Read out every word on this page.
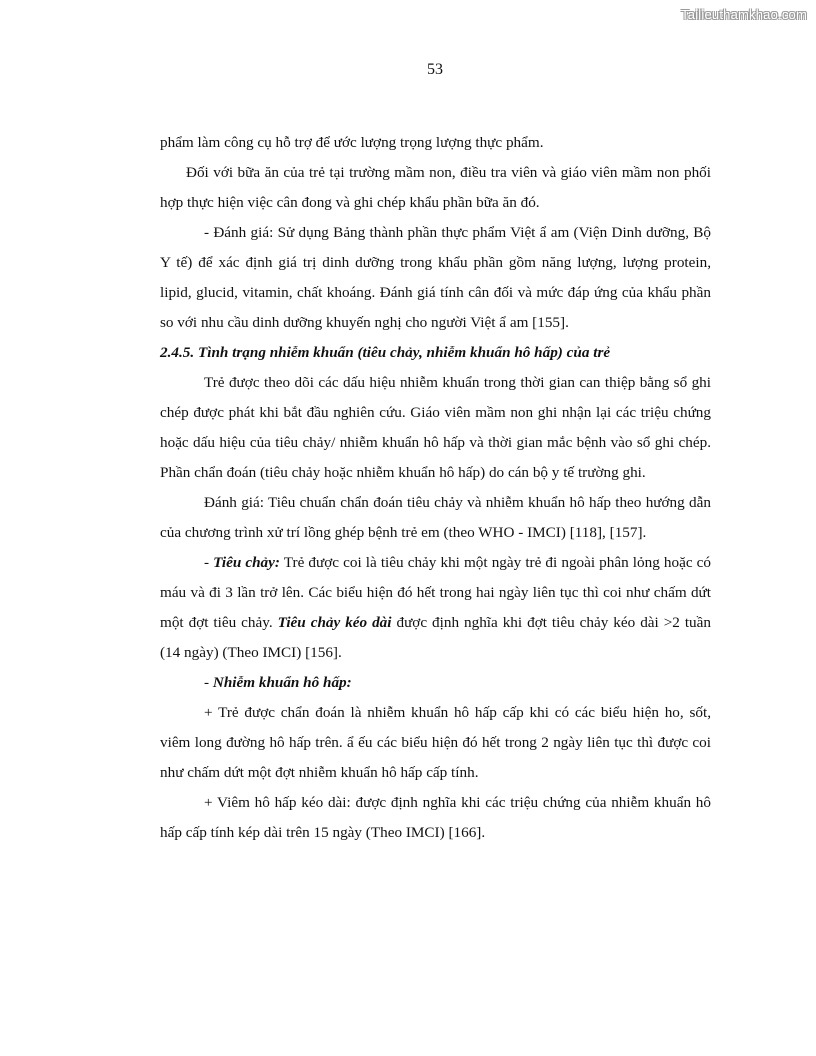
Tailieuthamkhao.com
53

phẩm làm công cụ hỗ trợ để ước lượng trọng lượng thực phẩm.

Đối với bữa ăn của trẻ tại trường mầm non, điều tra viên và giáo viên mầm non phối hợp thực hiện việc cân đong và ghi chép khẩu phần bữa ăn đó.

- Đánh giá: Sử dụng Bảng thành phần thực phẩm Việt ẩ am (Viện Dinh dưỡng, Bộ Y tế) để xác định giá trị dinh dưỡng trong khẩu phần gồm năng lượng, lượng protein, lipid, glucid, vitamin, chất khoáng. Đánh giá tính cân đối và mức đáp ứng của khẩu phần so với nhu cầu dinh dưỡng khuyến nghị cho người Việt ẩ am [155].

2.4.5. Tình trạng nhiễm khuẩn (tiêu chảy, nhiễm khuẩn hô hấp) của trẻ

Trẻ được theo dõi các dấu hiệu nhiễm khuẩn trong thời gian can thiệp bằng sổ ghi chép được phát khi bắt đầu nghiên cứu. Giáo viên mầm non ghi nhận lại các triệu chứng hoặc dấu hiệu của tiêu chảy/ nhiễm khuẩn hô hấp và thời gian mắc bệnh vào sổ ghi chép. Phần chẩn đoán (tiêu chảy hoặc nhiễm khuẩn hô hấp) do cán bộ y tế trường ghi.

Đánh giá: Tiêu chuẩn chẩn đoán tiêu chảy và nhiễm khuẩn hô hấp theo hướng dẫn của chương trình xử trí lồng ghép bệnh trẻ em (theo WHO - IMCI) [118], [157].

- Tiêu chảy: Trẻ được coi là tiêu chảy khi một ngày trẻ đi ngoài phân lỏng hoặc có máu và đi 3 lần trở lên. Các biểu hiện đó hết trong hai ngày liên tục thì coi như chấm dứt một đợt tiêu chảy. Tiêu chảy kéo dài được định nghĩa khi đợt tiêu chảy kéo dài >2 tuần (14 ngày) (Theo IMCI) [156].

- Nhiễm khuẩn hô hấp:

+ Trẻ được chẩn đoán là nhiễm khuẩn hô hấp cấp khi có các biểu hiện ho, sốt, viêm long đường hô hấp trên. ẩ ếu các biểu hiện đó hết trong 2 ngày liên tục thì được coi như chấm dứt một đợt nhiễm khuẩn hô hấp cấp tính.

+ Viêm hô hấp kéo dài: được định nghĩa khi các triệu chứng của nhiễm khuẩn hô hấp cấp tính kép dài trên 15 ngày (Theo IMCI) [166].
